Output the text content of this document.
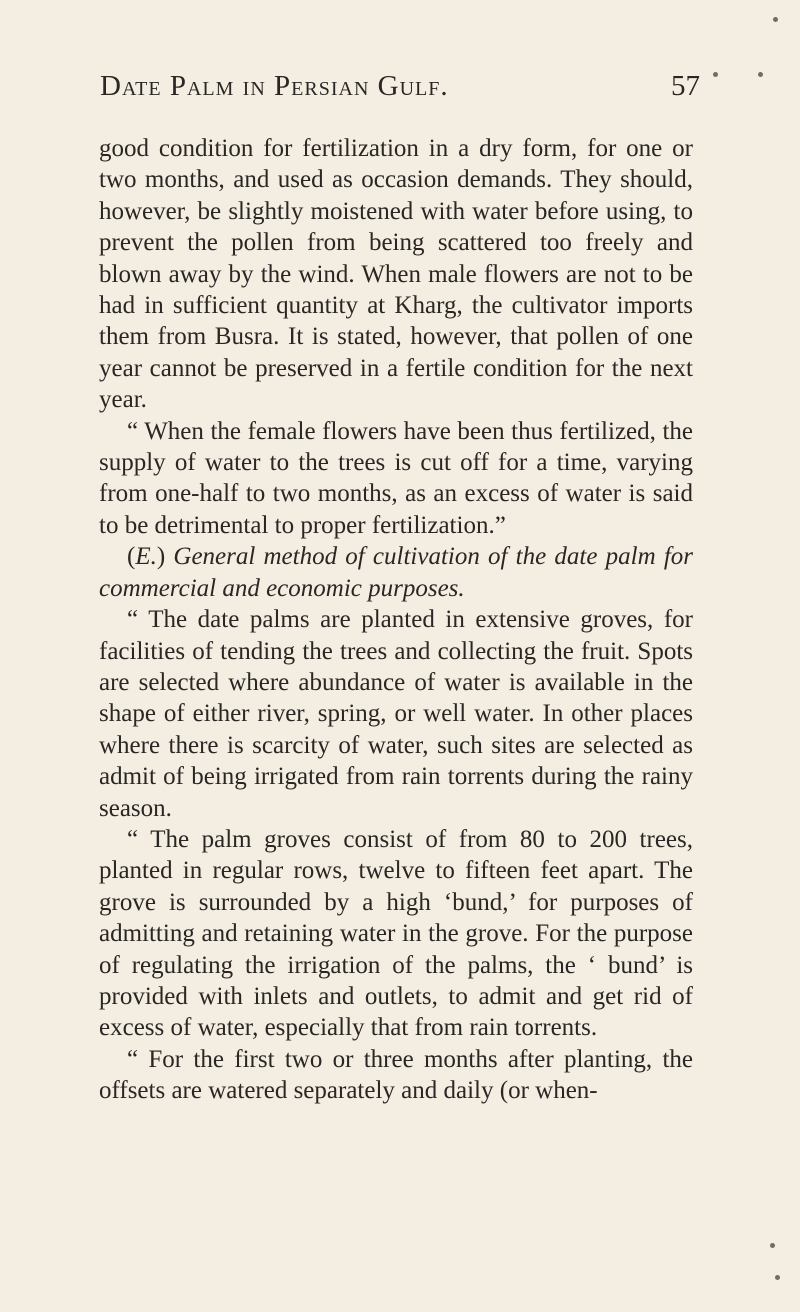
Date Palm in Persian Gulf.	57

good condition for fertilization in a dry form, for one or two months, and used as occasion demands. They should, however, be slightly moistened with water before using, to prevent the pollen from being scattered too freely and blown away by the wind. When male flowers are not to be had in sufficient quantity at Kharg, the cultivator imports them from Busra. It is stated, however, that pollen of one year cannot be preserved in a fertile condition for the next year.

“ When the female flowers have been thus fertilized, the supply of water to the trees is cut off for a time, varying from one-half to two months, as an excess of water is said to be detrimental to proper fertilization.”

(E.) General method of cultivation of the date palm for commercial and economic purposes.

“ The date palms are planted in extensive groves, for facilities of tending the trees and collecting the fruit. Spots are selected where abundance of water is available in the shape of either river, spring, or well water. In other places where there is scarcity of water, such sites are selected as admit of being irrigated from rain torrents during the rainy season.

“ The palm groves consist of from 80 to 200 trees, planted in regular rows, twelve to fifteen feet apart. The grove is surrounded by a high ‘bund,’ for purposes of admitting and retaining water in the grove. For the purpose of regulating the irrigation of the palms, the ‘ bund’ is provided with inlets and outlets, to admit and get rid of excess of water, especially that from rain torrents.

“ For the first two or three months after planting, the offsets are watered separately and daily (or when-
